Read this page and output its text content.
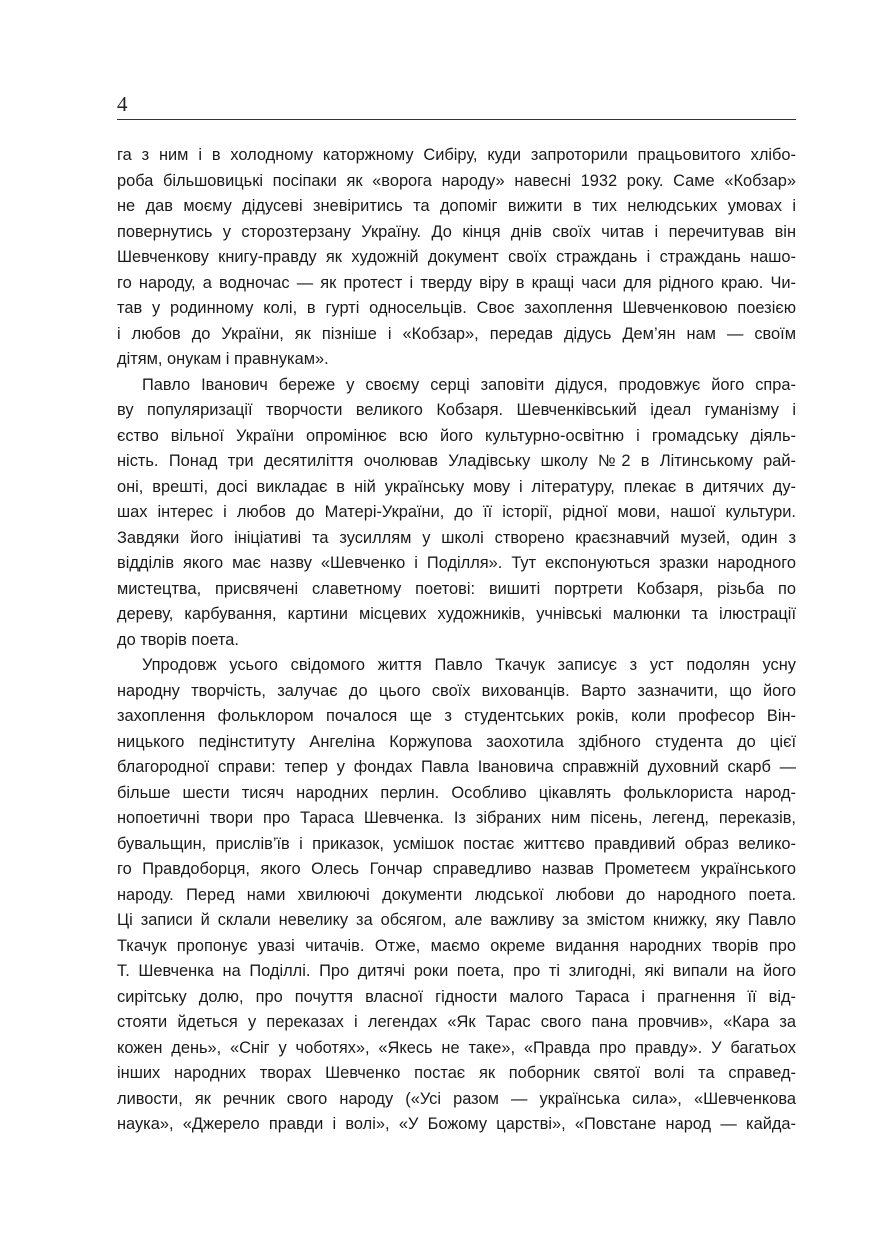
4
га з ним і в холодному каторжному Сибіру, куди запроторили працьовитого хлібо-
роба більшовицькі посіпаки як «ворога народу» навесні 1932 року. Саме «Кобзар»
не дав моєму дідусеві зневіритись та допоміг вижити в тих нелюдських умовах і
повернутись у сторозтерзану Україну. До кінця днів своїх читав і перечитував він
Шевченкову книгу-правду як художній документ своїх страждань і страждань нашо-
го народу, а водночас — як протест і тверду віру в кращі часи для рідного краю. Чи-
тав у родинному колі, в гурті односельців. Своє захоплення Шевченковою поезією
і любов до України, як пізніше і «Кобзар», передав дідусь Дем’ян нам — своїм
дітям, онукам і правнукам».
Павло Іванович береже у своєму серці заповіти дідуся, продовжує його спра-
ву популяризації творчости великого Кобзаря. Шевченківський ідеал гуманізму і
єство вільної України опромінює всю його культурно-освітню і громадську діяль-
ність. Понад три десятиліття очолював Уладівську школу №2 в Літинському рай-
оні, врешті, досі викладає в ній українську мову і літературу, плекає в дитячих ду-
шах інтерес і любов до Матері-України, до її історії, рідної мови, нашої культури.
Завдяки його ініціативі та зусиллям у школі створено краєзнавчий музей, один з
відділів якого має назву «Шевченко і Поділля». Тут експонуються зразки народного
мистецтва, присвячені славетному поетові: вишиті портрети Кобзаря, різьба по
дереву, карбування, картини місцевих художників, учнівські малюнки та ілюстрації
до творів поета.
Упродовж усього свідомого життя Павло Ткачук записує з уст подолян усну
народну творчість, залучає до цього своїх вихованців. Варто зазначити, що його
захоплення фольклором почалося ще з студентських років, коли професор Він-
ницького педінституту Ангеліна Коржупова заохотила здібного студента до цієї
благородної справи: тепер у фондах Павла Івановича справжній духовний скарб —
більше шести тисяч народних перлин. Особливо цікавлять фольклориста народ-
нопоетичні твори про Тараса Шевченка. Із зібраних ним пісень, легенд, переказів,
бувальщин, прислів’їв і приказок, усмішок постає життєво правдивий образ велико-
го Правдоборця, якого Олесь Гончар справедливо назвав Прометеєм українського
народу. Перед нами хвилюючі документи людської любови до народного поета.
Ці записи й склали невелику за обсягом, але важливу за змістом книжку, яку Павло
Ткачук пропонує увазі читачів. Отже, маємо окреме видання народних творів про
Т. Шевченка на Поділлі. Про дитячі роки поета, про ті злигодні, які випали на його
сирітську долю, про почуття власної гідности малого Тараса і прагнення її від-
стояти йдеться у переказах і легендах «Як Тарас свого пана провчив», «Кара за
кожен день», «Сніг у чоботях», «Якесь не таке», «Правда про правду». У багатьох
інших народних творах Шевченко постає як поборник святої волі та справед-
ливости, як речник свого народу («Усі разом — українська сила», «Шевченкова
наука», «Джерело правди і волі», «У Божому царстві», «Повстане народ — кайда-
